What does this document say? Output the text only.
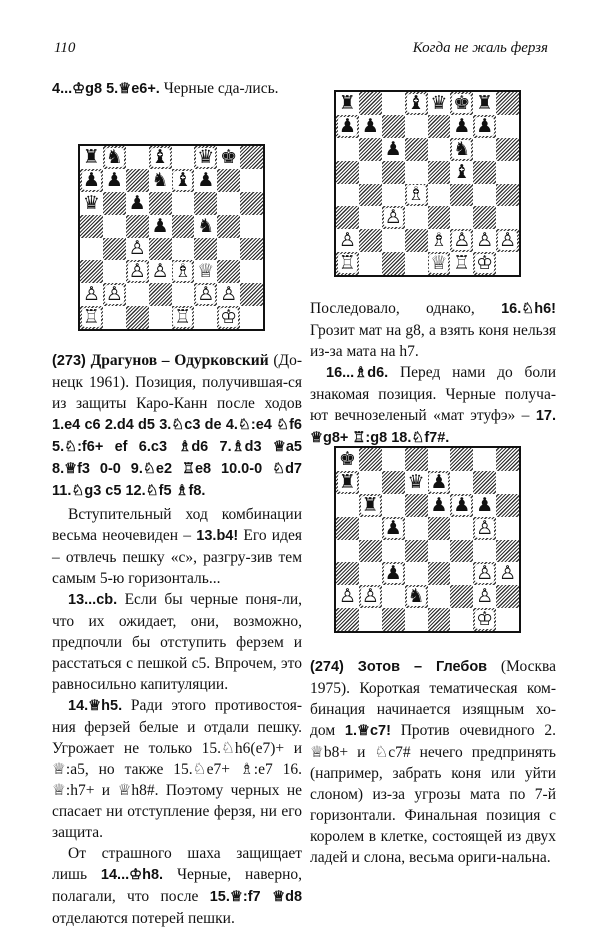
110	Когда не жаль ферзя

4...♔g8 5.♕e6+. Черные сда-лись.

♜ ♞ ♝ ♛ ♚
♟ ♟ ♞ ♝ ♟
♛ ♟
♟ ♞
♙
♙ ♙ ♗ ♕
♙ ♙	♙ ♙
♖	♖ ♔

(273) Драгунов – Одурковский (До-нецк 1961). Позиция, получившая-ся из защиты Каро-Канн после ходов 1.e4 c6 2.d4 d5 3.♘c3 de 4.♘:e4 ♘f6 5.♘:f6+ ef 6.c3 ♗d6 7.♗d3 ♕a5 8.♕f3 0-0 9.♘e2 ♖e8 10.0-0 ♘d7 11.♘g3 c5 12.♘f5 ♗f8.

Вступительный ход комбинации весьма неочевиден – 13.b4! Его идея – отвлечь пешку «с», разгру-зив тем самым 5-ю горизонталь...

13...cb. Если бы черные поня-ли, что их ожидает, они, возможно, предпочли бы отступить ферзем и расстаться с пешкой c5. Впрочем, это равносильно капитуляции.

14.♕h5. Ради этого противостоя-ния ферзей белые и отдали пешку. Угрожает не только 15.♘h6(e7)+ и ♕:a5, но также 15.♘e7+ ♗:e7 16. ♕:h7+ и ♕h8#. Поэтому черных не спасает ни отступление ферзя, ни его защита.

От страшного шаха защищает лишь 14...♔h8. Черные, наверно, полагали, что после 15.♕:f7 ♕d8 отделаются потерей пешки.

♜	♝ ♛ ♚ ♜
♟ ♟	♟ ♟
♟	♞
♝
♗
♙
♙	♗ ♙ ♙ ♙
♖	♕ ♖ ♔

Последовало, однако, 16.♘h6! Грозит мат на g8, а взять коня нельзя из-за мата на h7.

16...♗d6. Перед нами до боли знакомая позиция. Черные получа-ют вечнозеленый «мат этуфэ» – 17. ♕g8+ ♖:g8 18.♘f7#.

♚
♜	♛ ♟
♜	♟ ♟ ♟
♟	♙
♟	♙ ♙
♙ ♙ ♞	♙
♔

(274) Зотов – Глебов (Москва 1975). Короткая тематическая ком-бинация начинается изящным хо-дом 1.♕c7! Против очевидного 2. ♕b8+ и ♘c7# нечего предпринять (например, забрать коня или уйти слоном) из-за угрозы мата по 7-й горизонтали. Финальная позиция с королем в клетке, состоящей из двух ладей и слона, весьма ориги-нальна.
